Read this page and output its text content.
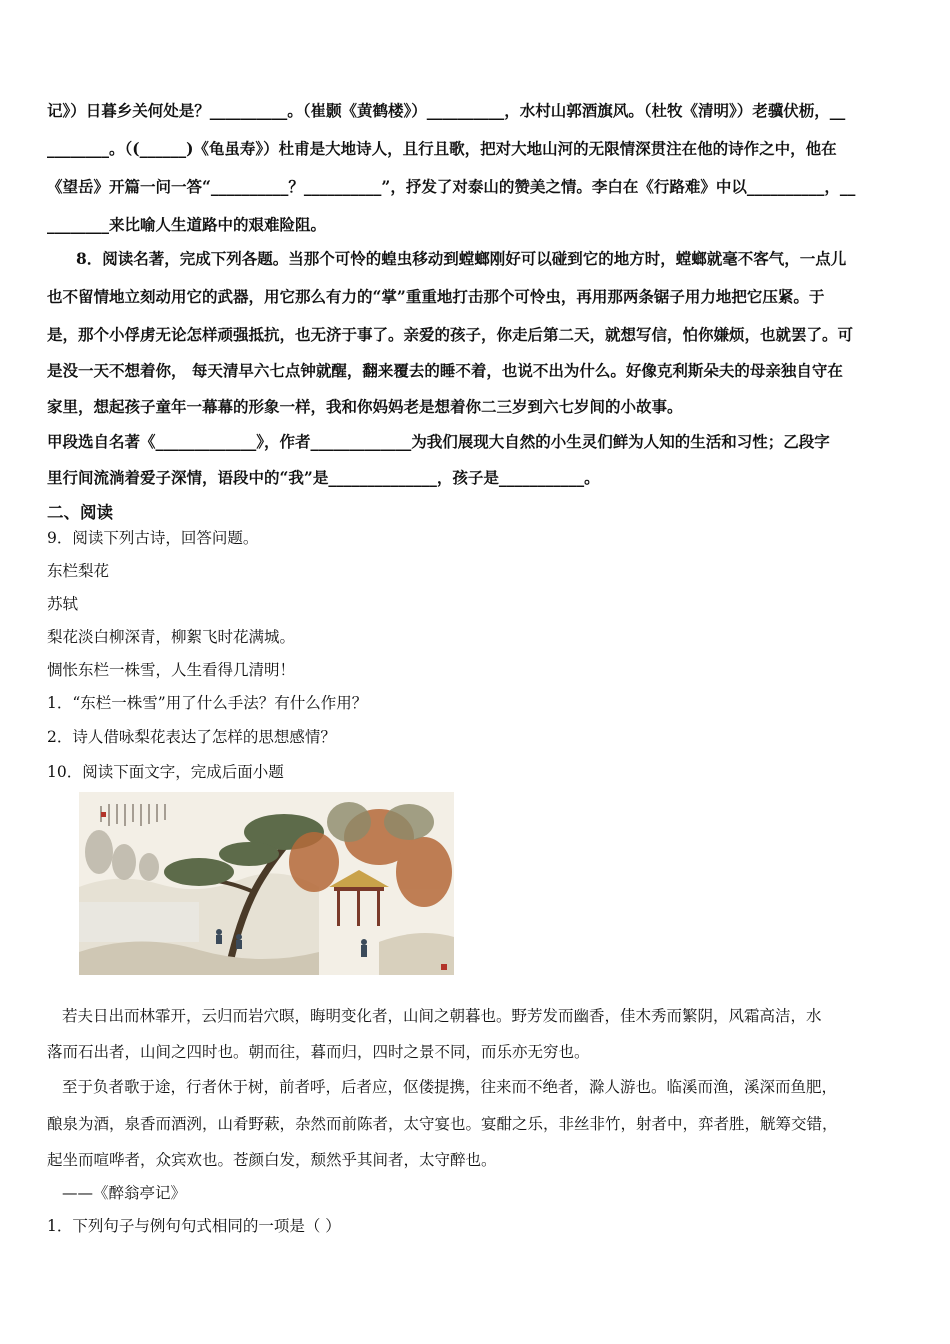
记》）日暮乡关何处是？__________。（崔颢《黄鹤楼》）__________，水村山郭酒旗风。（杜牧《清明》）老骥伏枥，__
________。（(______)《龟虽寿》）杜甫是大地诗人，且行且歌，把对大地山河的无限情深贯注在他的诗作之中，他在
《望岳》开篇一问一答“__________？__________”，抒发了对泰山的赞美之情。李白在《行路难》中以__________，__
________来比喻人生道路中的艰难险阻。
8．阅读名著，完成下列各题。当那个可怜的蝗虫移动到螳螂刚好可以碰到它的地方时，螳螂就毫不客气，一点儿
也不留情地立刻动用它的武器，用它那么有力的“掌”重重地打击那个可怜虫，再用那两条锯子用力地把它压紧。于
是，那个小俘虏无论怎样顽强抵抗，也无济于事了。亲爱的孩子，你走后第二天，就想写信，怕你嫌烦，也就罢了。可
是没一天不想着你， 每天清早六七点钟就醒，翻来覆去的睡不着，也说不出为什么。好像克利斯朵夫的母亲独自守在
家里，想起孩子童年一幕幕的形象一样，我和你妈妈老是想着你二三岁到六七岁间的小故事。
甲段选自名著《_____________》，作者_____________为我们展现大自然的小生灵们鲜为人知的生活和习性；乙段字
里行间流淌着爱子深情，语段中的“我”是______________，孩子是___________。
二、阅读
9．阅读下列古诗，回答问题。
东栏梨花
苏轼
梨花淡白柳深青，柳絮飞时花满城。
惆怅东栏一株雪，人生看得几清明！
1．“东栏一株雪”用了什么手法？有什么作用？
2．诗人借咏梨花表达了怎样的思想感情？
10．阅读下面文字，完成后面小题
若夫日出而林霏开，云归而岩穴暝，晦明变化者，山间之朝暮也。野芳发而幽香，佳木秀而繁阴，风霜高洁，水
落而石出者，山间之四时也。朝而往，暮而归，四时之景不同，而乐亦无穷也。
至于负者歌于途，行者休于树，前者呼，后者应，伛偻提携，往来而不绝者，滁人游也。临溪而渔，溪深而鱼肥，
酿泉为酒，泉香而酒洌，山肴野蔌，杂然而前陈者，太守宴也。宴酣之乐，非丝非竹，射者中，弈者胜，觥筹交错，
起坐而喧哗者，众宾欢也。苍颜白发，颓然乎其间者，太守醉也。
——《醉翁亭记》
1．下列句子与例句句式相同的一项是（ ）
